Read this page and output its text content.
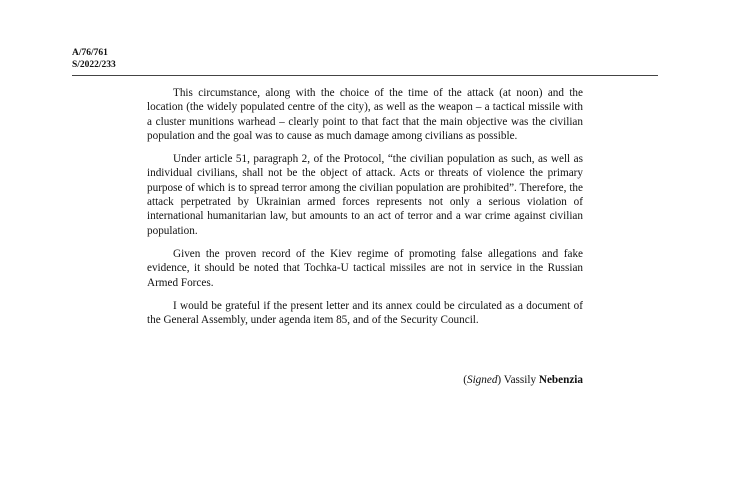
A/76/761
S/2022/233

This circumstance, along with the choice of the time of the attack (at noon) and the location (the widely populated centre of the city), as well as the weapon – a tactical missile with a cluster munitions warhead – clearly point to that fact that the main objective was the civilian population and the goal was to cause as much damage among civilians as possible.

Under article 51, paragraph 2, of the Protocol, “the civilian population as such, as well as individual civilians, shall not be the object of attack. Acts or threats of violence the primary purpose of which is to spread terror among the civilian population are prohibited”. Therefore, the attack perpetrated by Ukrainian armed forces represents not only a serious violation of international humanitarian law, but amounts to an act of terror and a war crime against civilian population.

Given the proven record of the Kiev regime of promoting false allegations and fake evidence, it should be noted that Tochka-U tactical missiles are not in service in the Russian Armed Forces.

I would be grateful if the present letter and its annex could be circulated as a document of the General Assembly, under agenda item 85, and of the Security Council.

(Signed) Vassily Nebenzia
